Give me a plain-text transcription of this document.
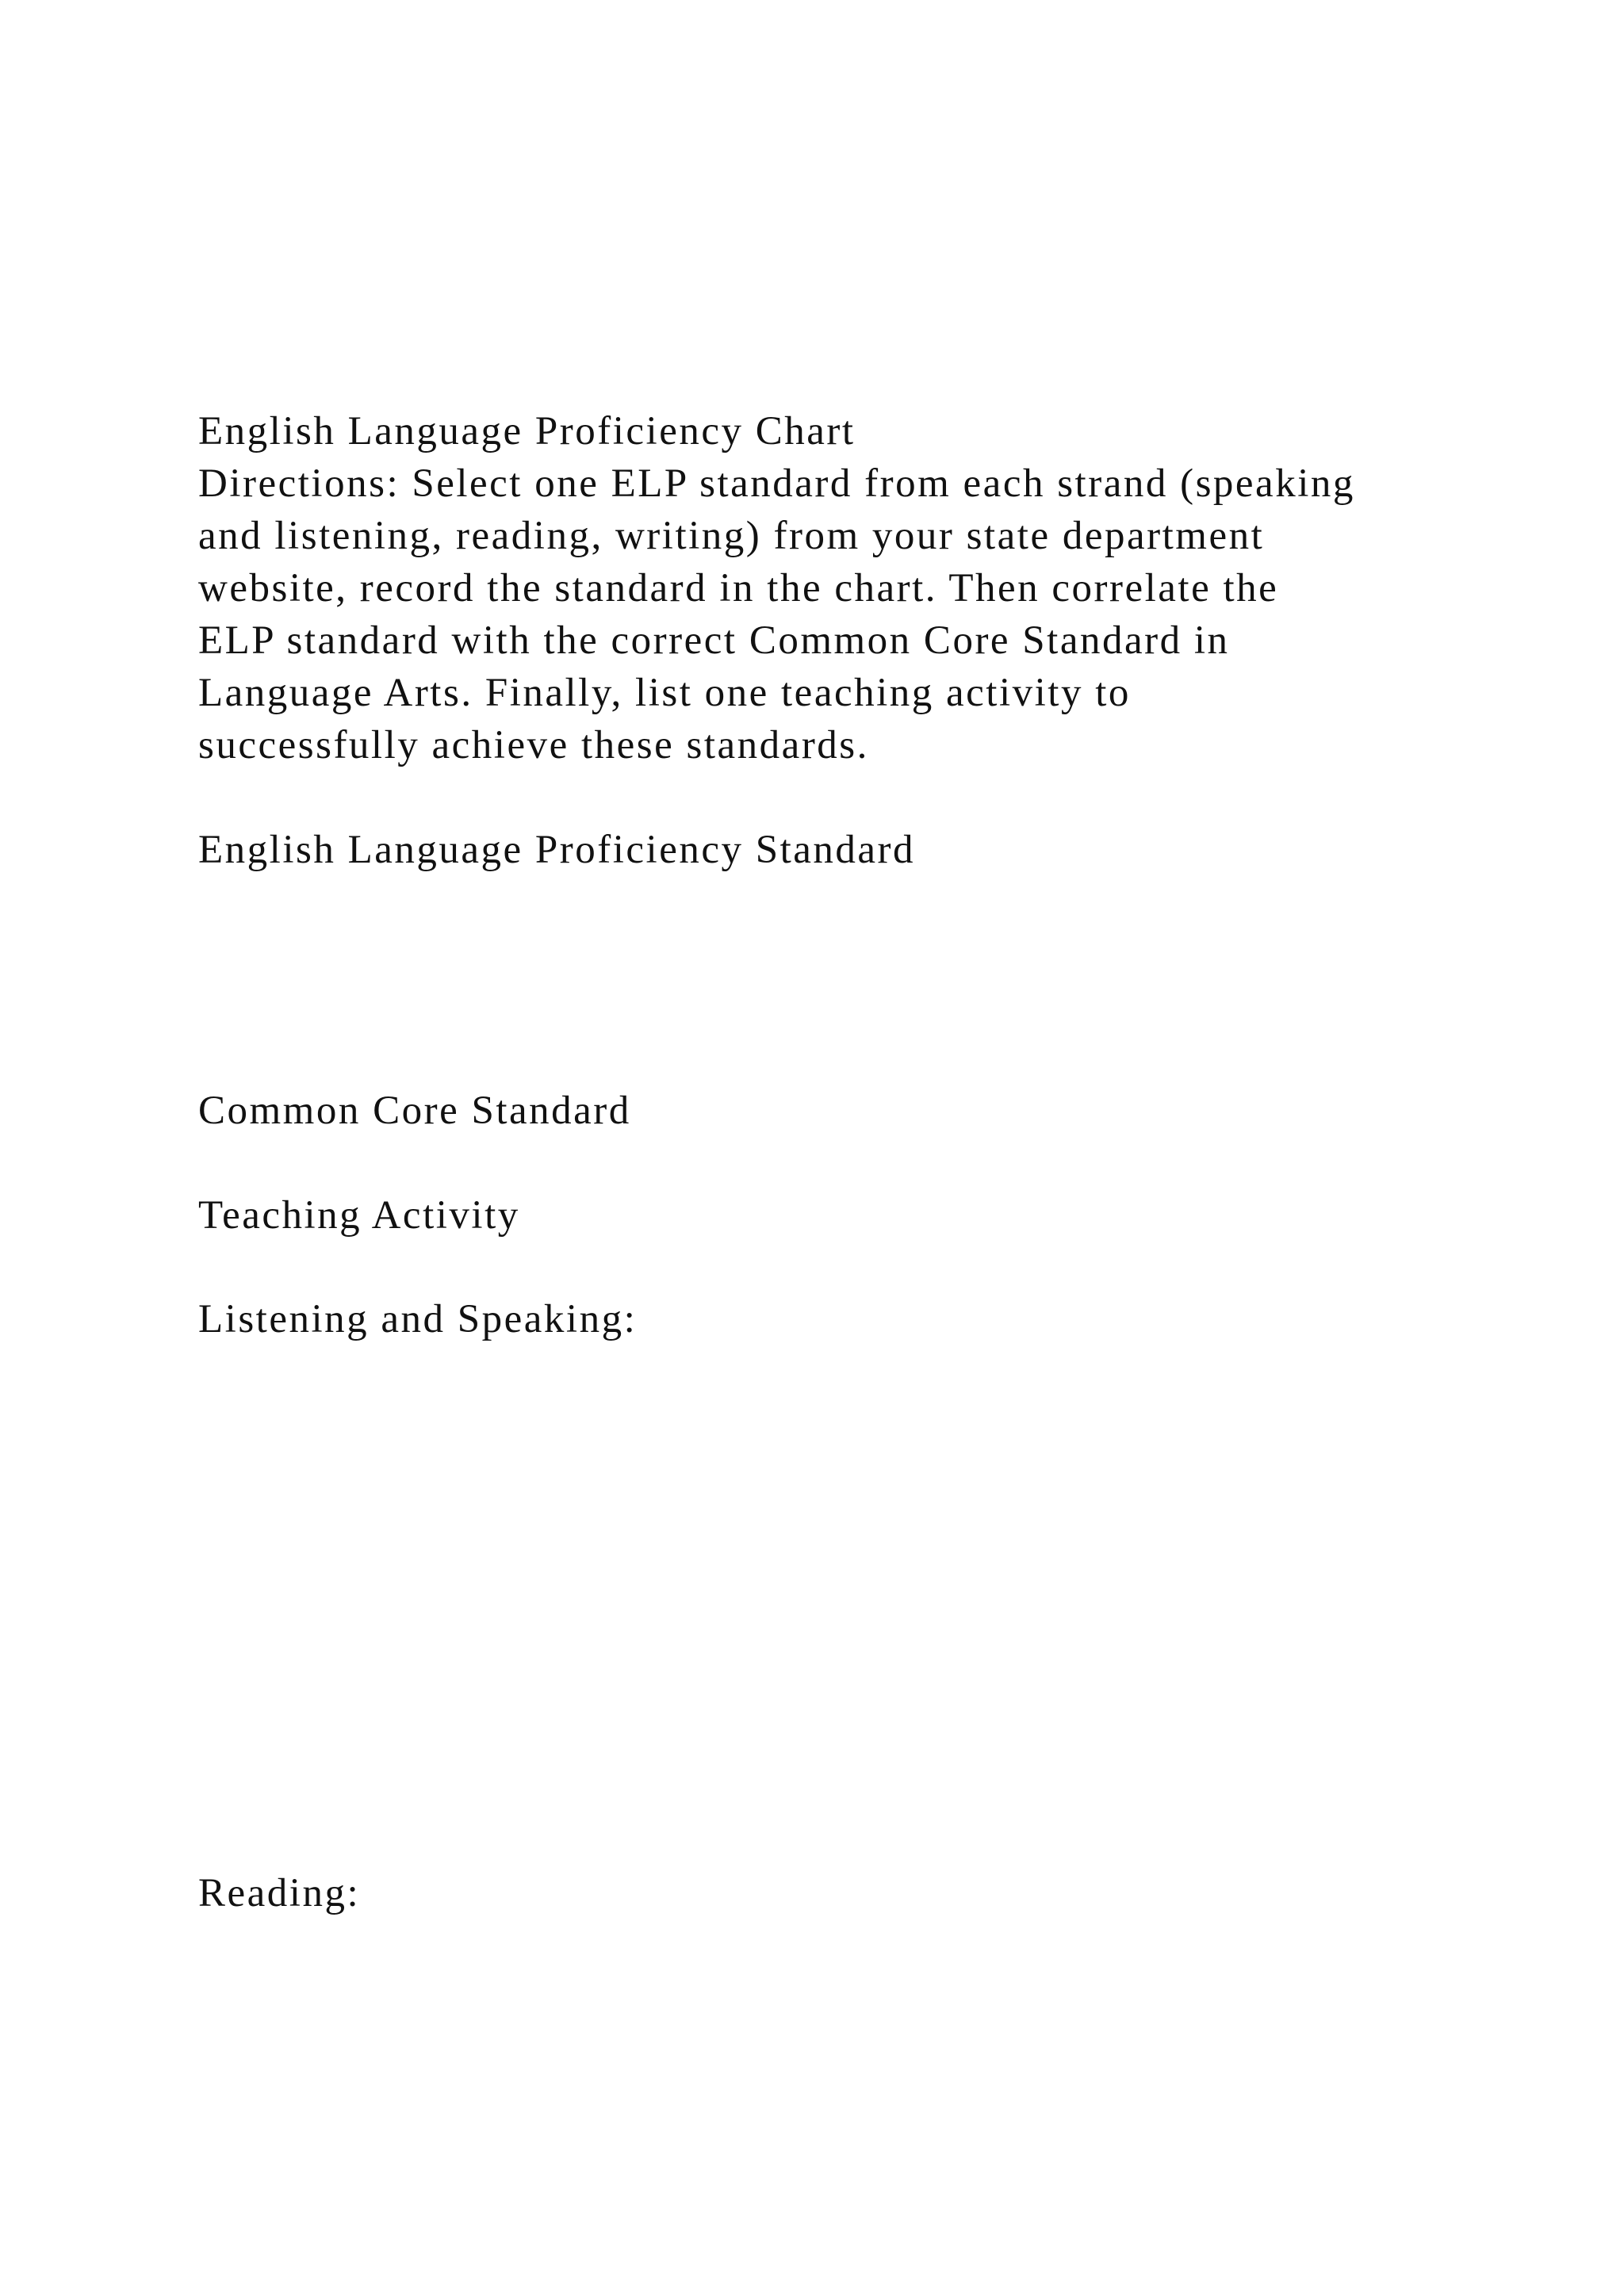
English Language Proficiency Chart

Directions: Select one ELP standard from each strand (speaking

and listening, reading, writing) from your state department

website, record the standard in the chart. Then correlate the

ELP standard with the correct Common Core Standard in

Language Arts. Finally, list one teaching activity to

successfully achieve these standards.

English Language Proficiency Standard

Common Core Standard

Teaching Activity

Listening and Speaking:

Reading:
